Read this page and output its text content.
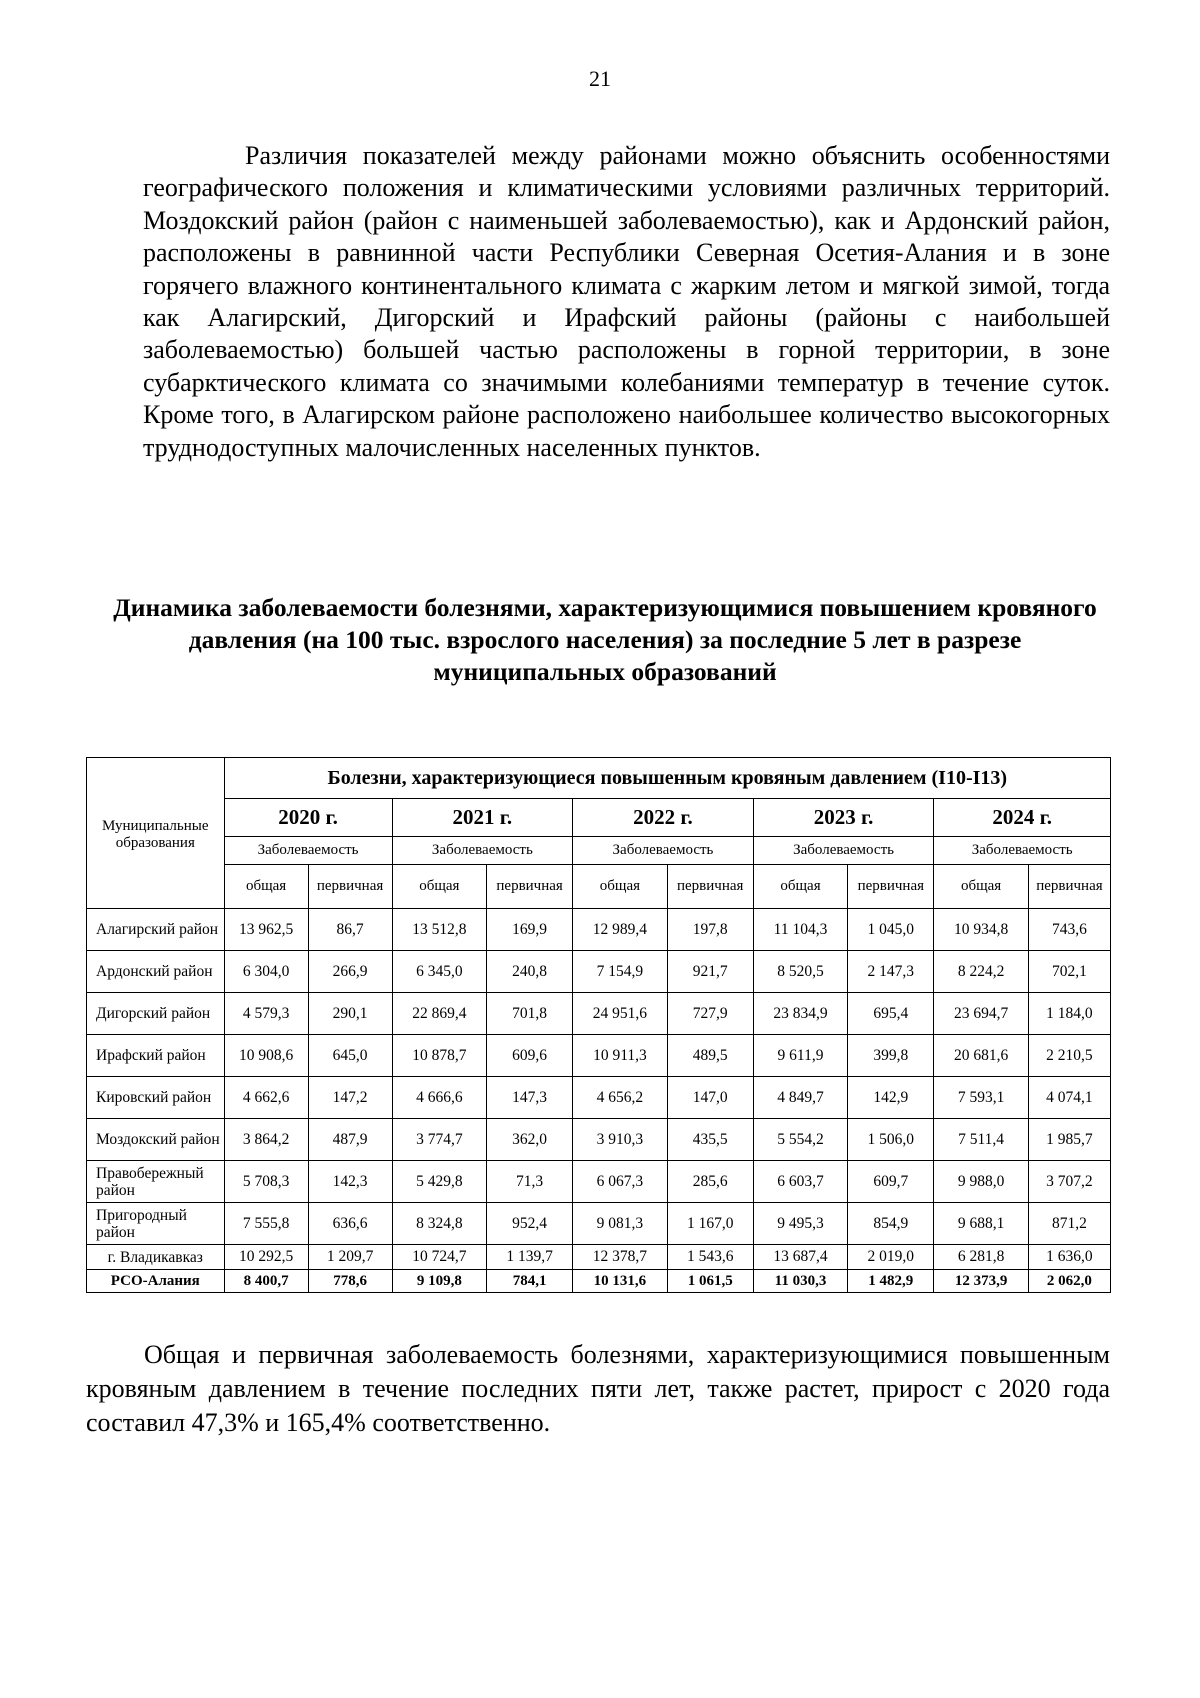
21

Различия показателей между районами можно объяснить особенностями географического положения и климатическими условиями различных территорий. Моздокский район (район с наименьшей заболеваемостью), как и Ардонский район, расположены в равнинной части Республики Северная Осетия-Алания и в зоне горячего влажного континентального климата с жарким летом и мягкой зимой, тогда как Алагирский, Дигорский и Ирафский районы (районы с наибольшей заболеваемостью) большей частью расположены в горной территории, в зоне субарктического климата со значимыми колебаниями температур в течение суток. Кроме того, в Алагирском районе расположено наибольшее количество высокогорных труднодоступных малочисленных населенных пунктов.

Динамика заболеваемости болезнями, характеризующимися повышением кровяного давления (на 100 тыс. взрослого населения) за последние 5 лет в разрезе муниципальных образований

Муниципальные образования	Болезни, характеризующиеся повышенным кровяным давлением (I10-I13)									
	2020 г.		2021 г.		2022 г.		2023 г.		2024 г.	
	Заболеваемость		Заболеваемость		Заболеваемость		Заболеваемость		Заболеваемость	
	общая	первичная	общая	первичная	общая	первичная	общая	первичная	общая	первичная
Алагирский район	13 962,5	86,7	13 512,8	169,9	12 989,4	197,8	11 104,3	1 045,0	10 934,8	743,6
Ардонский район	6 304,0	266,9	6 345,0	240,8	7 154,9	921,7	8 520,5	2 147,3	8 224,2	702,1
Дигорский район	4 579,3	290,1	22 869,4	701,8	24 951,6	727,9	23 834,9	695,4	23 694,7	1 184,0
Ирафский район	10 908,6	645,0	10 878,7	609,6	10 911,3	489,5	9 611,9	399,8	20 681,6	2 210,5
Кировский район	4 662,6	147,2	4 666,6	147,3	4 656,2	147,0	4 849,7	142,9	7 593,1	4 074,1
Моздокский район	3 864,2	487,9	3 774,7	362,0	3 910,3	435,5	5 554,2	1 506,0	7 511,4	1 985,7
Правобережный район	5 708,3	142,3	5 429,8	71,3	6 067,3	285,6	6 603,7	609,7	9 988,0	3 707,2
Пригородный район	7 555,8	636,6	8 324,8	952,4	9 081,3	1 167,0	9 495,3	854,9	9 688,1	871,2
г. Владикавказ	10 292,5	1 209,7	10 724,7	1 139,7	12 378,7	1 543,6	13 687,4	2 019,0	6 281,8	1 636,0
РСО-Алания	8 400,7	778,6	9 109,8	784,1	10 131,6	1 061,5	11 030,3	1 482,9	12 373,9	2 062,0

Общая и первичная заболеваемость болезнями, характеризующимися повышенным кровяным давлением в течение последних пяти лет, также растет, прирост с 2020 года составил 47,3% и 165,4% соответственно.
